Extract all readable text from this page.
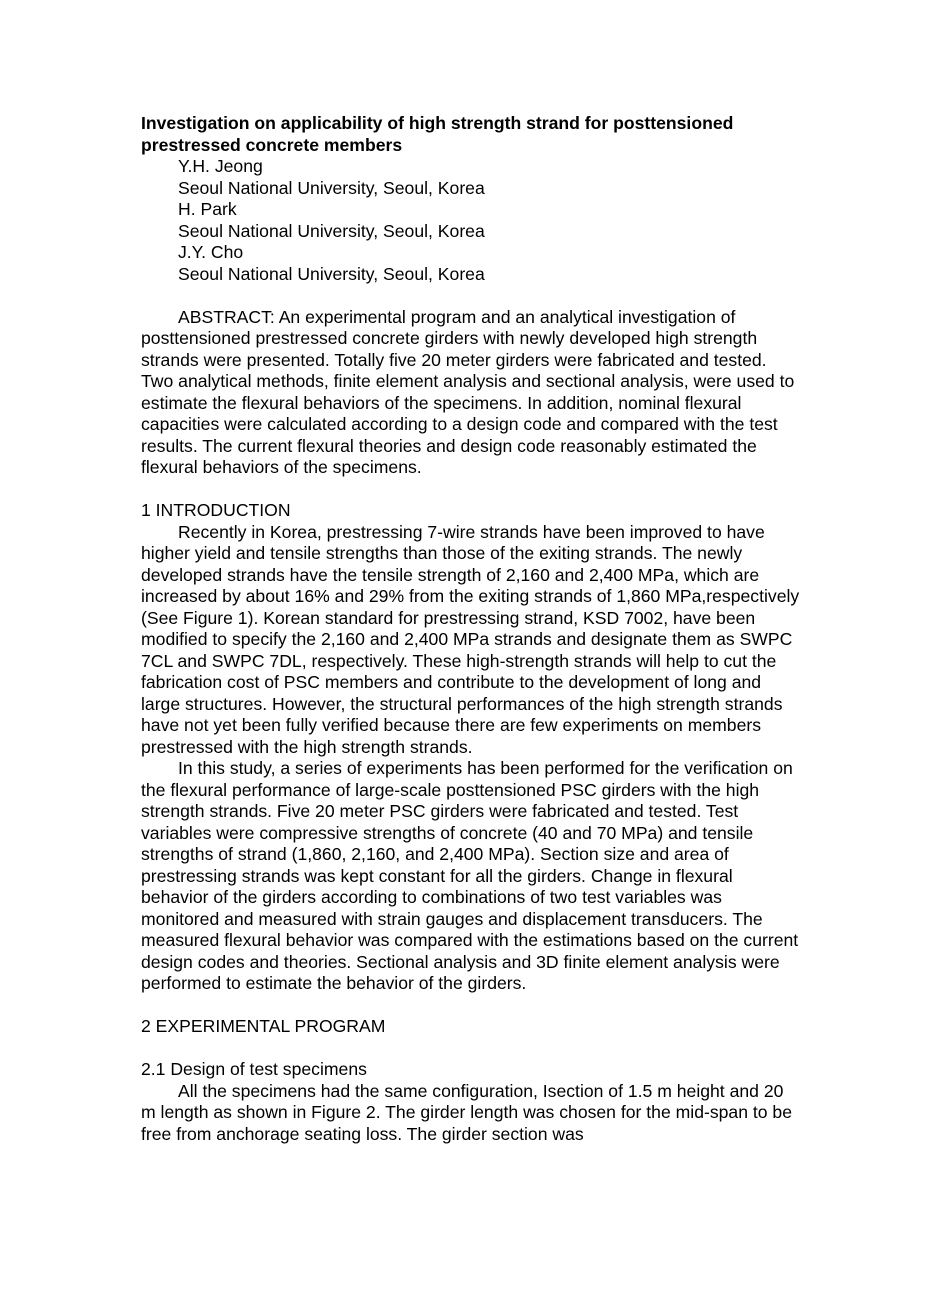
Investigation on applicability of high strength strand for posttensioned prestressed concrete members

Y.H. Jeong

Seoul National University, Seoul, Korea

H. Park

Seoul National University, Seoul, Korea

J.Y. Cho

Seoul National University, Seoul, Korea

ABSTRACT: An experimental program and an analytical investigation of posttensioned prestressed concrete girders with newly developed high strength strands were presented. Totally five 20 meter girders were fabricated and tested. Two analytical methods, finite element analysis and sectional analysis, were used to estimate the flexural behaviors of the specimens. In addition, nominal flexural capacities were calculated according to a design code and compared with the test results. The current flexural theories and design code reasonably estimated the flexural behaviors of the specimens.

1 INTRODUCTION

Recently in Korea, prestressing 7-wire strands have been improved to have higher yield and tensile strengths than those of the exiting strands. The newly developed strands have the tensile strength of 2,160 and 2,400 MPa, which are increased by about 16% and 29% from the exiting strands of 1,860 MPa,respectively (See Figure 1). Korean standard for prestressing strand, KSD 7002, have been modified to specify the 2,160 and 2,400 MPa strands and designate them as SWPC 7CL and SWPC 7DL, respectively. These high-strength strands will help to cut the fabrication cost of PSC members and contribute to the development of long and large structures. However, the structural performances of the high strength strands have not yet been fully verified because there are few experiments on members prestressed with the high strength strands.

In this study, a series of experiments has been performed for the verification on the flexural performance of large-scale posttensioned PSC girders with the high strength strands. Five 20 meter PSC girders were fabricated and tested. Test variables were compressive strengths of concrete (40 and 70 MPa) and tensile strengths of strand (1,860, 2,160, and 2,400 MPa). Section size and area of prestressing strands was kept constant for all the girders. Change in flexural behavior of the girders according to combinations of two test variables was monitored and measured with strain gauges and displacement transducers. The measured flexural behavior was compared with the estimations based on the current design codes and theories. Sectional analysis and 3D finite element analysis were performed to estimate the behavior of the girders.

2 EXPERIMENTAL PROGRAM

2.1 Design of test specimens

All the specimens had the same configuration, Isection of 1.5 m height and 20 m length as shown in Figure 2. The girder length was chosen for the mid-span to be free from anchorage seating loss. The girder section was
